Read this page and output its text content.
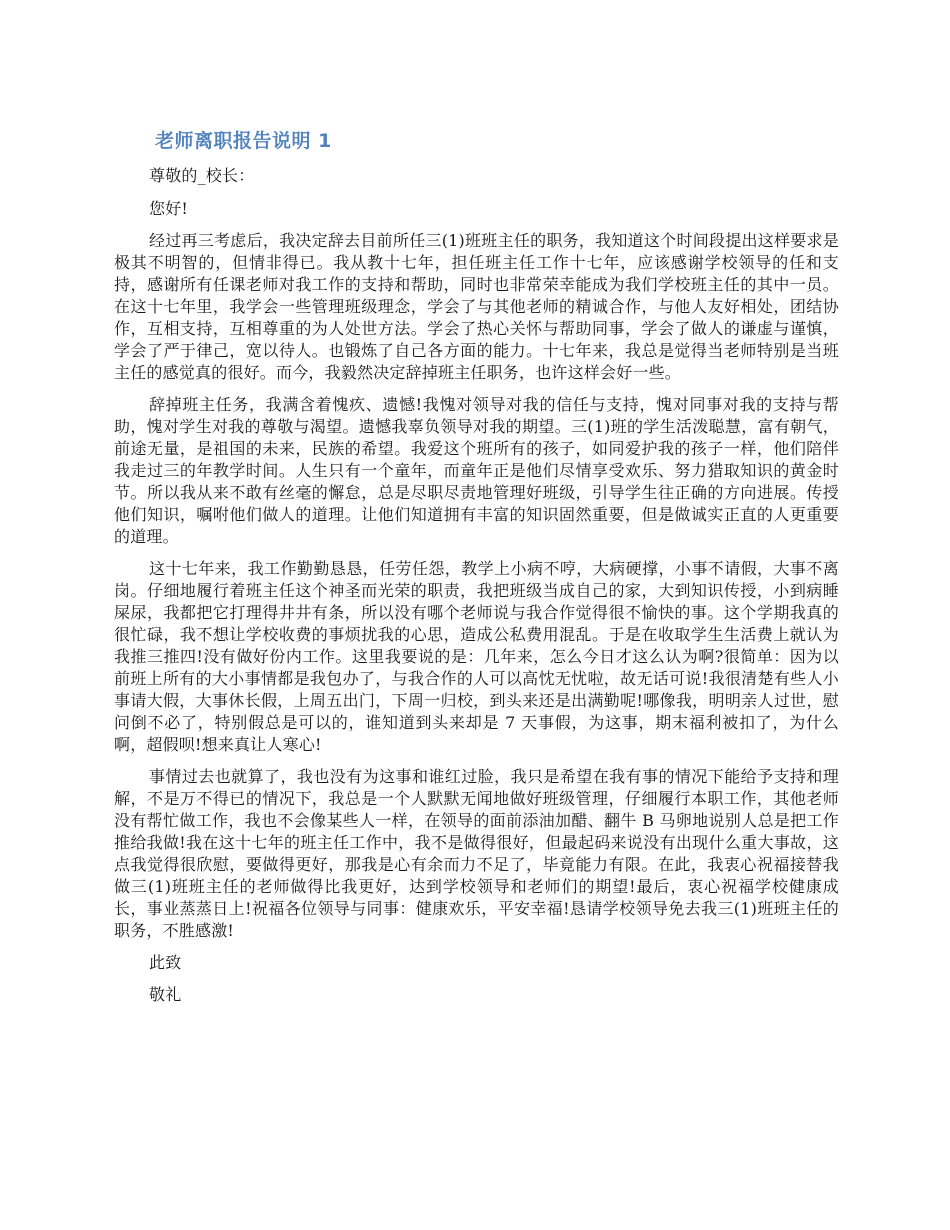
老师离职报告说明 1

尊敬的_校长：

您好!

经过再三考虑后，我决定辞去目前所任三(1)班班主任的职务，我知道这个时间段提出这样要求是极其不明智的，但情非得已。我从教十七年，担任班主任工作十七年，应该感谢学校领导的任和支持，感谢所有任课老师对我工作的支持和帮助，同时也非常荣幸能成为我们学校班主任的其中一员。在这十七年里，我学会一些管理班级理念，学会了与其他老师的精诚合作，与他人友好相处，团结协作，互相支持，互相尊重的为人处世方法。学会了热心关怀与帮助同事，学会了做人的谦虚与谨慎，学会了严于律己，宽以待人。也锻炼了自己各方面的能力。十七年来，我总是觉得当老师特别是当班主任的感觉真的很好。而今，我毅然决定辞掉班主任职务，也许这样会好一些。

辞掉班主任务，我满含着愧疚、遗憾!我愧对领导对我的信任与支持，愧对同事对我的支持与帮助，愧对学生对我的尊敬与渴望。遗憾我辜负领导对我的期望。三(1)班的学生活泼聪慧，富有朝气，前途无量，是祖国的未来，民族的希望。我爱这个班所有的孩子，如同爱护我的孩子一样，他们陪伴我走过三的年教学时间。人生只有一个童年，而童年正是他们尽情享受欢乐、努力猎取知识的黄金时节。所以我从来不敢有丝毫的懈怠，总是尽职尽责地管理好班级，引导学生往正确的方向进展。传授他们知识，嘱咐他们做人的道理。让他们知道拥有丰富的知识固然重要，但是做诚实正直的人更重要的道理。

这十七年来，我工作勤勤恳恳，任劳任怨，教学上小病不哼，大病硬撑，小事不请假，大事不离岗。仔细地履行着班主任这个神圣而光荣的职责，我把班级当成自己的家，大到知识传授，小到病睡屎尿，我都把它打理得井井有条，所以没有哪个老师说与我合作觉得很不愉快的事。这个学期我真的很忙碌，我不想让学校收费的事烦扰我的心思，造成公私费用混乱。于是在收取学生生活费上就认为我推三推四!没有做好份内工作。这里我要说的是：几年来，怎么今日才这么认为啊?很简单：因为以前班上所有的大小事情都是我包办了，与我合作的人可以高忱无忧啦，故无话可说!我很清楚有些人小事请大假，大事休长假，上周五出门，下周一归校，到头来还是出满勤呢!哪像我，明明亲人过世，慰问倒不必了，特别假总是可以的，谁知道到头来却是 7 天事假，为这事，期末福利被扣了，为什么啊，超假呗!想来真让人寒心!

事情过去也就算了，我也没有为这事和谁红过脸，我只是希望在我有事的情况下能给予支持和理解，不是万不得已的情况下，我总是一个人默默无闻地做好班级管理，仔细履行本职工作，其他老师没有帮忙做工作，我也不会像某些人一样，在领导的面前添油加醋、翻牛 B 马卵地说别人总是把工作推给我做!我在这十七年的班主任工作中，我不是做得很好，但最起码来说没有出现什么重大事故，这点我觉得很欣慰，要做得更好，那我是心有余而力不足了，毕竟能力有限。在此，我衷心祝福接替我做三(1)班班主任的老师做得比我更好，达到学校领导和老师们的期望!最后，衷心祝福学校健康成长，事业蒸蒸日上!祝福各位领导与同事：健康欢乐，平安幸福!恳请学校领导免去我三(1)班班主任的职务，不胜感激!

此致

敬礼
